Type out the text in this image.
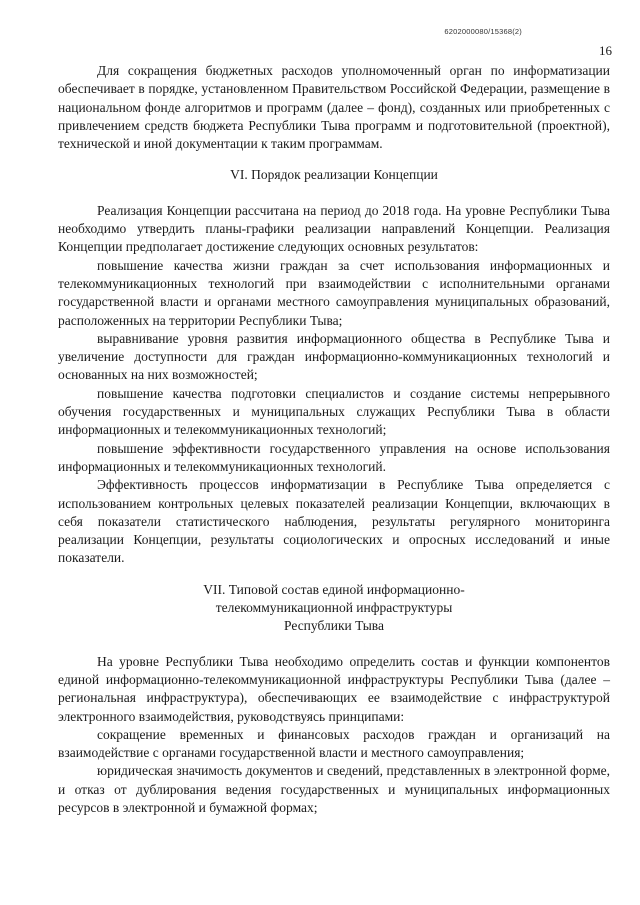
6202000080/15368(2)
16

Для сокращения бюджетных расходов уполномоченный орган по информатизации обеспечивает в порядке, установленном Правительством Российской Федерации, размещение в национальном фонде алгоритмов и программ (далее – фонд), созданных или приобретенных с привлечением средств бюджета Республики Тыва программ и подготовительной (проектной), технической и иной документации к таким программам.

VI. Порядок реализации Концепции

Реализация Концепции рассчитана на период до 2018 года. На уровне Республики Тыва необходимо утвердить планы-графики реализации направлений Концепции. Реализация Концепции предполагает достижение следующих основных результатов:

повышение качества жизни граждан за счет использования информационных и телекоммуникационных технологий при взаимодействии с исполнительными органами государственной власти и органами местного самоуправления муниципальных образований, расположенных на территории Республики Тыва;

выравнивание уровня развития информационного общества в Республике Тыва и увеличение доступности для граждан информационно-коммуникационных технологий и основанных на них возможностей;

повышение качества подготовки специалистов и создание системы непрерывного обучения государственных и муниципальных служащих Республики Тыва в области информационных и телекоммуникационных технологий;

повышение эффективности государственного управления на основе использования информационных и телекоммуникационных технологий.

Эффективность процессов информатизации в Республике Тыва определяется с использованием контрольных целевых показателей реализации Концепции, включающих в себя показатели статистического наблюдения, результаты регулярного мониторинга реализации Концепции, результаты социологических и опросных исследований и иные показатели.

VII. Типовой состав единой информационно-
телекоммуникационной инфраструктуры
Республики Тыва

На уровне Республики Тыва необходимо определить состав и функции компонентов единой информационно-телекоммуникационной инфраструктуры Республики Тыва (далее – региональная инфраструктура), обеспечивающих ее взаимодействие с инфраструктурой электронного взаимодействия, руководствуясь принципами:

сокращение временных и финансовых расходов граждан и организаций на взаимодействие с органами государственной власти и местного самоуправления;

юридическая значимость документов и сведений, представленных в электронной форме, и отказ от дублирования ведения государственных и муниципальных информационных ресурсов в электронной и бумажной формах;
